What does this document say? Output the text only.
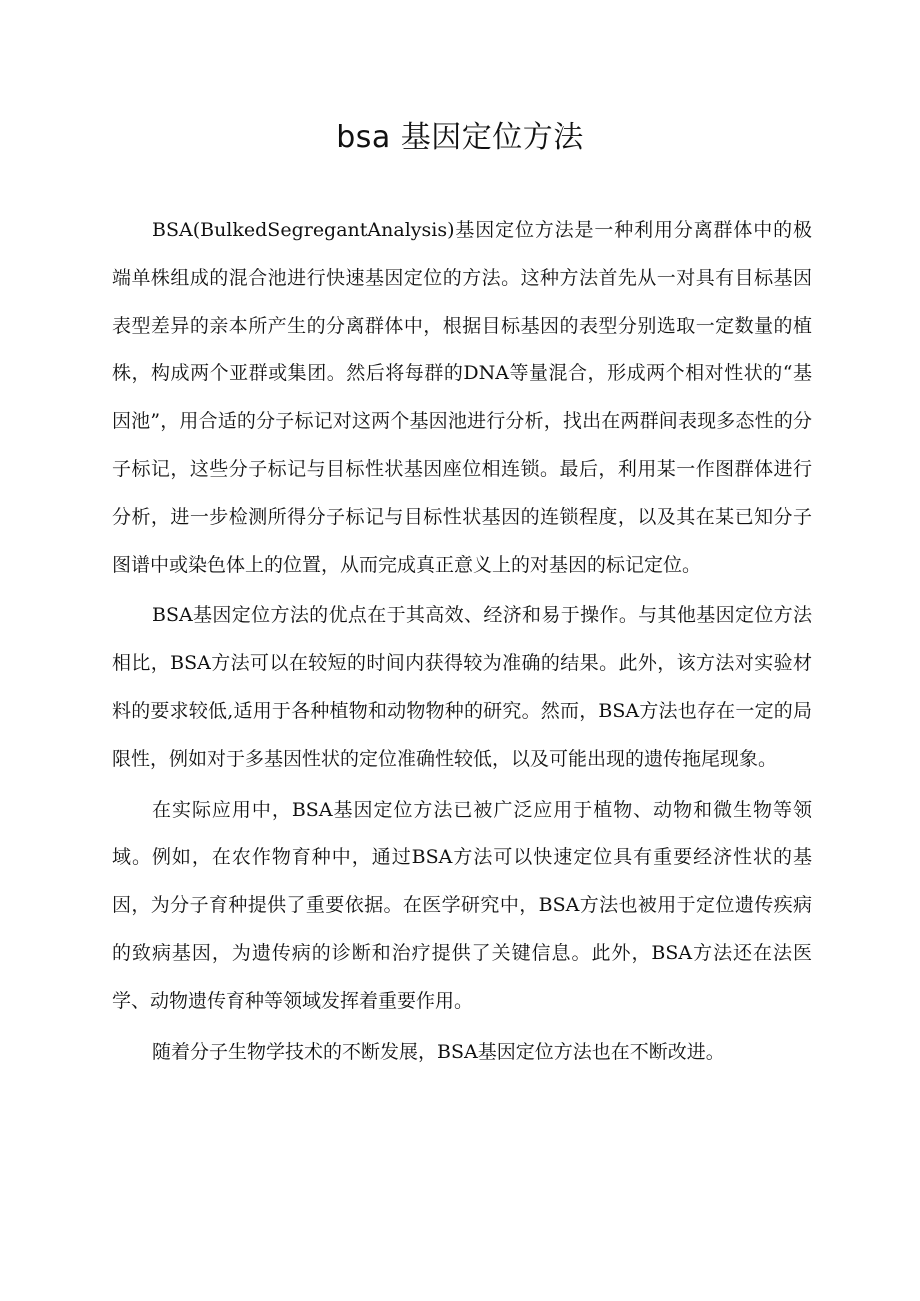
bsa 基因定位方法

BSA(BulkedSegregantAnalysis)基因定位方法是一种利用分离群体中的极端单株组成的混合池进行快速基因定位的方法。这种方法首先从一对具有目标基因表型差异的亲本所产生的分离群体中，根据目标基因的表型分别选取一定数量的植株，构成两个亚群或集团。然后将每群的DNA等量混合，形成两个相对性状的“基因池”，用合适的分子标记对这两个基因池进行分析，找出在两群间表现多态性的分子标记，这些分子标记与目标性状基因座位相连锁。最后，利用某一作图群体进行分析，进一步检测所得分子标记与目标性状基因的连锁程度，以及其在某已知分子图谱中或染色体上的位置，从而完成真正意义上的对基因的标记定位。

BSA基因定位方法的优点在于其高效、经济和易于操作。与其他基因定位方法相比，BSA方法可以在较短的时间内获得较为准确的结果。此外，该方法对实验材料的要求较低,适用于各种植物和动物物种的研究。然而，BSA方法也存在一定的局限性，例如对于多基因性状的定位准确性较低，以及可能出现的遗传拖尾现象。

在实际应用中，BSA基因定位方法已被广泛应用于植物、动物和微生物等领域。例如，在农作物育种中，通过BSA方法可以快速定位具有重要经济性状的基因，为分子育种提供了重要依据。在医学研究中，BSA方法也被用于定位遗传疾病的致病基因，为遗传病的诊断和治疗提供了关键信息。此外，BSA方法还在法医学、动物遗传育种等领域发挥着重要作用。

随着分子生物学技术的不断发展，BSA基因定位方法也在不断改进。
